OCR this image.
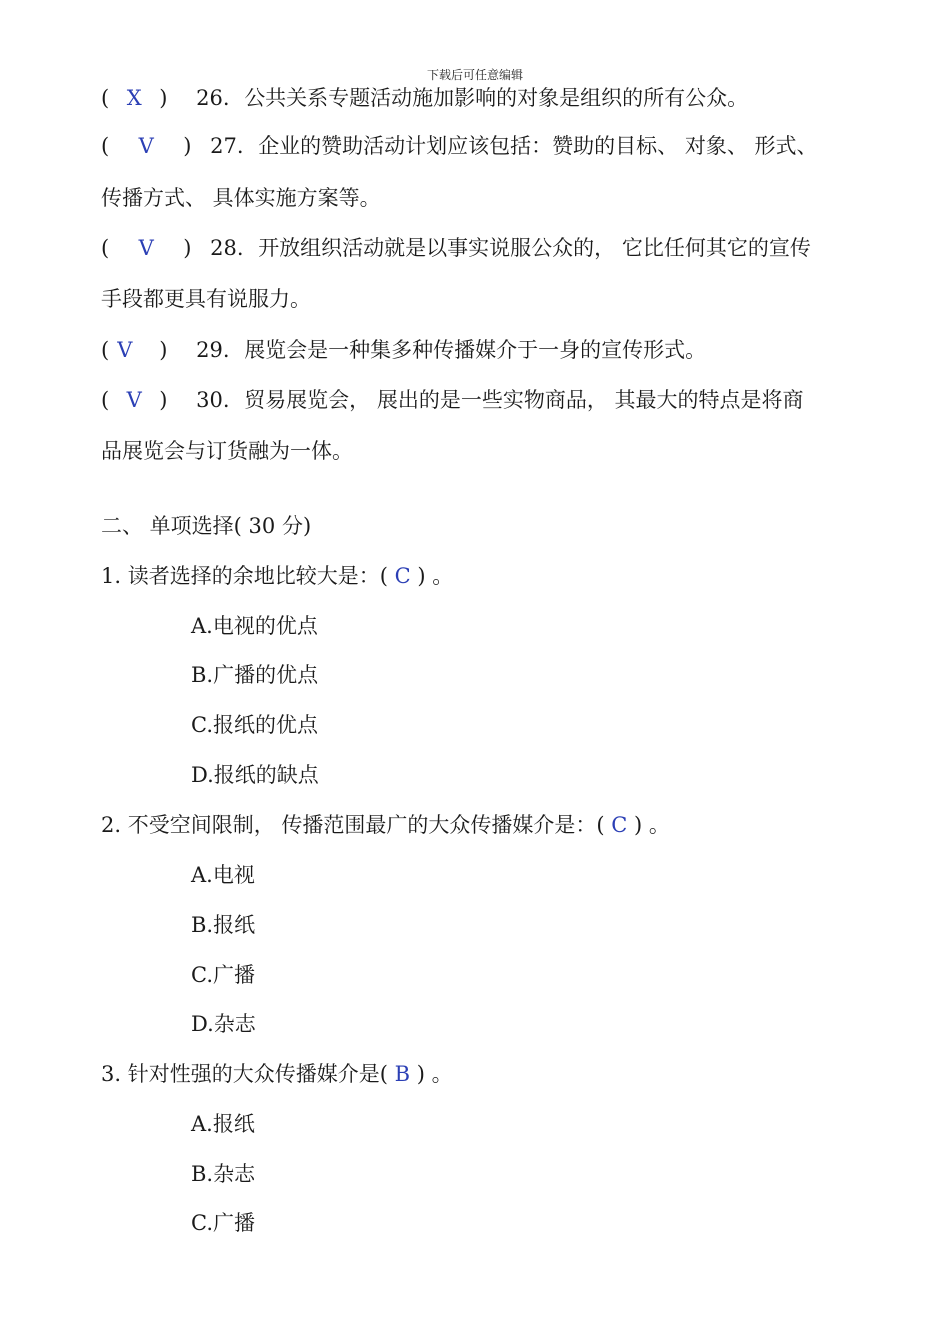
下载后可任意编辑
( X ) 26. 公共关系专题活动施加影响的对象是组织的所有公众。
( V ) 27. 企业的赞助活动计划应该包括：赞助的目标、 对象、 形式、
传播方式、 具体实施方案等。
( V ) 28. 开放组织活动就是以事实说服公众的， 它比任何其它的宣传
手段都更具有说服力。
( V ) 29. 展览会是一种集多种传播媒介于一身的宣传形式。
( V ) 30. 贸易展览会， 展出的是一些实物商品， 其最大的特点是将商
品展览会与订货融为一体。
二、 单项选择( 30 分)
1. 读者选择的余地比较大是：( C ) 。
A.电视的优点
B.广播的优点
C.报纸的优点
D.报纸的缺点
2. 不受空间限制， 传播范围最广的大众传播媒介是：( C ) 。
A.电视
B.报纸
C.广播
D.杂志
3. 针对性强的大众传播媒介是( B ) 。
A.报纸
B.杂志
C.广播
